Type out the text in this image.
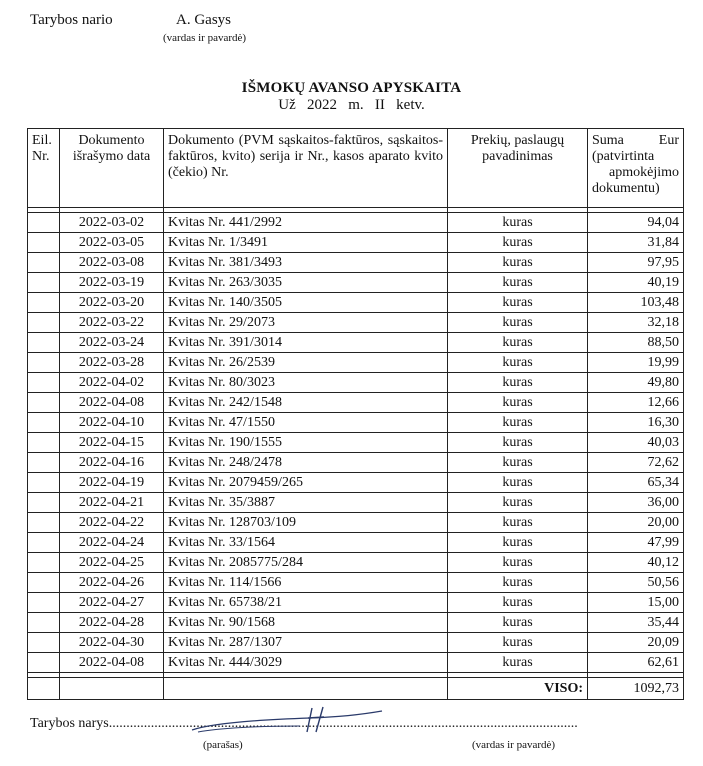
Tarybos nario	A. Gasys
(vardas ir pavardė)
IŠMOKŲ AVANSO APYSKAITA
Už 2022 m. II ketv.
Eil. Nr.	Dokumento išrašymo data	Dokumento (PVM sąskaitos-faktūros, sąskaitos-faktūros, kvito) serija ir Nr., kasos aparato kvito (čekio) Nr.	Prekių, paslaugų pavadinimas	Suma Eur
(patvirtinta
apmokėjimo
dokumentu)

	2022-03-02	Kvitas Nr. 441/2992	kuras	94,04
	2022-03-05	Kvitas Nr. 1/3491	kuras	31,84
	2022-03-08	Kvitas Nr. 381/3493	kuras	97,95
	2022-03-19	Kvitas Nr. 263/3035	kuras	40,19
	2022-03-20	Kvitas Nr. 140/3505	kuras	103,48
	2022-03-22	Kvitas Nr. 29/2073	kuras	32,18
	2022-03-24	Kvitas Nr. 391/3014	kuras	88,50
	2022-03-28	Kvitas Nr. 26/2539	kuras	19,99
	2022-04-02	Kvitas Nr. 80/3023	kuras	49,80
	2022-04-08	Kvitas Nr. 242/1548	kuras	12,66
	2022-04-10	Kvitas Nr. 47/1550	kuras	16,30
	2022-04-15	Kvitas Nr. 190/1555	kuras	40,03
	2022-04-16	Kvitas Nr. 248/2478	kuras	72,62
	2022-04-19	Kvitas Nr. 2079459/265	kuras	65,34
	2022-04-21	Kvitas Nr. 35/3887	kuras	36,00
	2022-04-22	Kvitas Nr. 128703/109	kuras	20,00
	2022-04-24	Kvitas Nr. 33/1564	kuras	47,99
	2022-04-25	Kvitas Nr. 2085775/284	kuras	40,12
	2022-04-26	Kvitas Nr. 114/1566	kuras	50,56
	2022-04-27	Kvitas Nr. 65738/21	kuras	15,00
	2022-04-28	Kvitas Nr. 90/1568	kuras	35,44
	2022-04-30	Kvitas Nr. 287/1307	kuras	20,09
	2022-04-08	Kvitas Nr. 444/3029	kuras	62,61

			VISO:	1092,73
Tarybos narys......................................................................................................................................
(parašas)	(vardas ir pavardė)
